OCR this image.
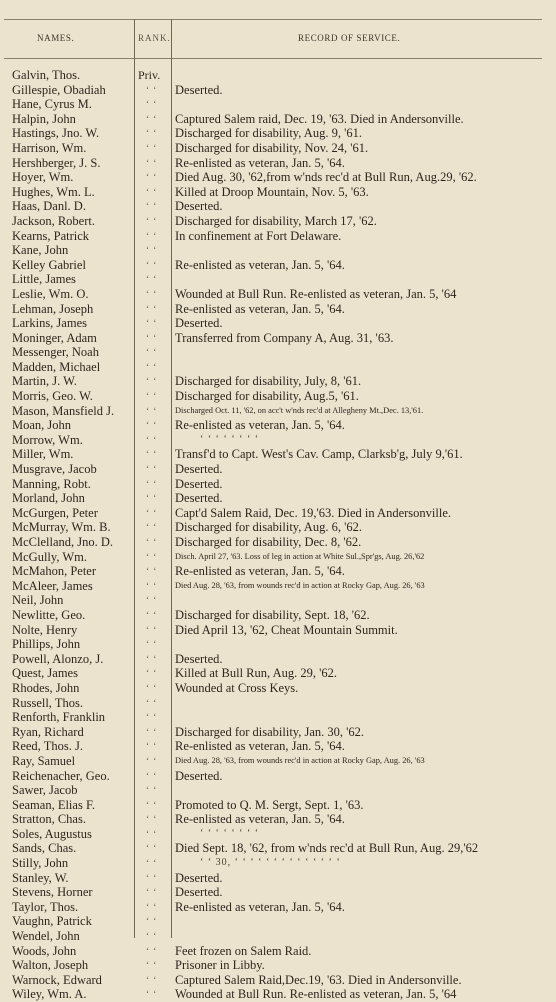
NAMES.	RANK.	RECORD OF SERVICE.
Galvin, Thos.	Priv.
Gillespie, Obadiah	‘ ‘ Deserted.
Hane, Cyrus M.	‘ ‘
Halpin, John	‘ ‘ Captured Salem raid, Dec. 19, '63. Died in Andersonville.
Hastings, Jno. W.	‘ ‘ Discharged for disability, Aug. 9, '61.
Harrison, Wm.	‘ ‘ Discharged for disability, Nov. 24, '61.
Hershberger, J. S.	‘ ‘ Re-enlisted as veteran, Jan. 5, '64.
Hoyer, Wm.	‘ ‘ Died Aug. 30, '62,from w'nds rec'd at Bull Run, Aug.29, '62.
Hughes, Wm. L.	‘ ‘ Killed at Droop Mountain, Nov. 5, '63.
Haas, Danl. D.	‘ ‘ Deserted.
Jackson, Robert.	‘ ‘ Discharged for disability, March 17, '62.
Kearns, Patrick	‘ ‘ In confinement at Fort Delaware.
Kane, John	‘ ‘
Kelley Gabriel	‘ ‘ Re-enlisted as veteran, Jan. 5, '64.
Little, James	‘ ‘
Leslie, Wm. O.	‘ ‘ Wounded at Bull Run. Re-enlisted as veteran, Jan. 5, '64
Lehman, Joseph	‘ ‘ Re-enlisted as veteran, Jan. 5, '64.
Larkins, James	‘ ‘ Deserted.
Moninger, Adam	‘ ‘ Transferred from Company A, Aug. 31, '63.
Messenger, Noah	‘ ‘
Madden, Michael	‘ ‘
Martin, J. W.	‘ ‘ Discharged for disability, July, 8, '61.
Morris, Geo. W.	‘ ‘ Discharged for disability, Aug.5, '61.
Mason, Mansfield J.	‘ ‘ Discharged Oct. 11, '62, on acc't w'nds rec'd at Allegheny Mt.,Dec. 13,'61.
Moan, John	‘ ‘ Re-enlisted as veteran, Jan. 5, '64.
Morrow, Wm.	‘ ‘	‘ ‘ ‘ ‘ ‘ ‘ ‘ ‘
Miller, Wm.	‘ ‘ Transf'd to Capt. West's Cav. Camp, Clarksb'g, July 9,'61.
Musgrave, Jacob	‘ ‘ Deserted.
Manning, Robt.	‘ ‘ Deserted.
Morland, John	‘ ‘ Deserted.
McGurgen, Peter	‘ ‘ Capt'd Salem Raid, Dec. 19,'63. Died in Andersonville.
McMurray, Wm. B.	‘ ‘ Discharged for disability, Aug. 6, '62.
McClelland, Jno. D.	‘ ‘ Discharged for disability, Dec. 8, '62.
McGully, Wm.	‘ ‘ Disch. April 27, '63. Loss of leg in action at White Sul.,Spr'gs, Aug. 26,'62
McMahon, Peter	‘ ‘ Re-enlisted as veteran, Jan. 5, '64.
McAleer, James	‘ ‘ Died Aug. 28, '63, from wounds rec'd in action at Rocky Gap, Aug. 26, '63
Neil, John	‘ ‘
Newlitte, Geo.	‘ ‘ Discharged for disability, Sept. 18, '62.
Nolte, Henry	‘ ‘ Died April 13, '62, Cheat Mountain Summit.
Phillips, John	‘ ‘
Powell, Alonzo, J.	‘ ‘ Deserted.
Quest, James	‘ ‘ Killed at Bull Run, Aug. 29, '62.
Rhodes, John	‘ ‘ Wounded at Cross Keys.
Russell, Thos.	‘ ‘
Renforth, Franklin	‘ ‘
Ryan, Richard	‘ ‘ Discharged for disability, Jan. 30, '62.
Reed, Thos. J.	‘ ‘ Re-enlisted as veteran, Jan. 5, '64.
Ray, Samuel	‘ ‘ Died Aug. 28, '63, from wounds rec'd in action at Rocky Gap, Aug. 26, '63
Reichenacher, Geo.	‘ ‘ Deserted.
Sawer, Jacob	‘ ‘
Seaman, Elias F.	‘ ‘ Promoted to Q. M. Sergt, Sept. 1, '63.
Stratton, Chas.	‘ ‘ Re-enlisted as veteran, Jan. 5, '64.
Soles, Augustus	‘ ‘	‘ ‘ ‘ ‘ ‘ ‘ ‘ ‘
Sands, Chas.	‘ ‘ Died Sept. 18, '62, from w'nds rec'd at Bull Run, Aug. 29,'62
Stilly, John	‘ ‘	‘ ‘ 30, ‘ ‘ ‘ ‘ ‘ ‘ ‘ ‘ ‘ ‘ ‘ ‘ ‘ ‘
Stanley, W.	‘ ‘ Deserted.
Stevens, Horner	‘ ‘ Deserted.
Taylor, Thos.	‘ ‘ Re-enlisted as veteran, Jan. 5, '64.
Vaughn, Patrick	‘ ‘
Wendel, John	‘ ‘
Woods, John	‘ ‘ Feet frozen on Salem Raid.
Walton, Joseph	‘ ‘ Prisoner in Libby.
Warnock, Edward	‘ ‘ Captured Salem Raid,Dec.19, '63. Died in Andersonville.
Wiley, Wm. A.	‘ ‘ Wounded at Bull Run. Re-enlisted as veteran, Jan. 5, '64
